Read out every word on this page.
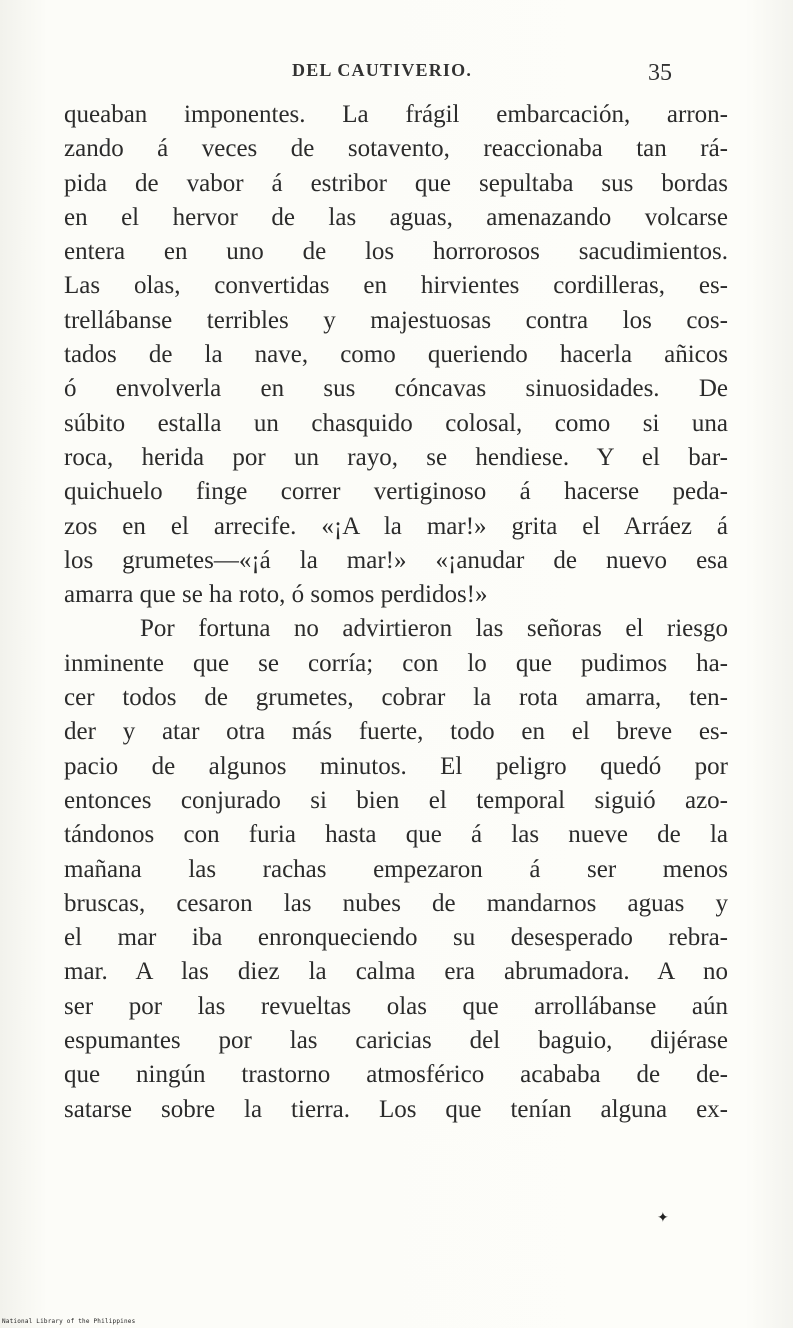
DEL CAUTIVERIO.	35
queaban imponentes. La frágil embarcación, arron-
zando á veces de sotavento, reaccionaba tan rá-
pida de vabor á estribor que sepultaba sus bordas
en el hervor de las aguas, amenazando volcarse
entera en uno de los horrorosos sacudimientos.
Las olas, convertidas en hirvientes cordilleras, es-
trellábanse terribles y majestuosas contra los cos-
tados de la nave, como queriendo hacerla añicos
ó envolverla en sus cóncavas sinuosidades. De
súbito estalla un chasquido colosal, como si una
roca, herida por un rayo, se hendiese. Y el bar-
quichuelo finge correr vertiginoso á hacerse peda-
zos en el arrecife. «¡A la mar!» grita el Arráez á
los grumetes—«¡á la mar!» «¡anudar de nuevo esa
amarra que se ha roto, ó somos perdidos!»
Por fortuna no advirtieron las señoras el riesgo
inminente que se corría; con lo que pudimos ha-
cer todos de grumetes, cobrar la rota amarra, ten-
der y atar otra más fuerte, todo en el breve es-
pacio de algunos minutos. El peligro quedó por
entonces conjurado si bien el temporal siguió azo-
tándonos con furia hasta que á las nueve de la
mañana las rachas empezaron á ser menos
bruscas, cesaron las nubes de mandarnos aguas y
el mar iba enronqueciendo su desesperado rebra-
mar. A las diez la calma era abrumadora. A no
ser por las revueltas olas que arrollábanse aún
espumantes por las caricias del baguio, dijérase
que ningún trastorno atmosférico acababa de de-
satarse sobre la tierra. Los que tenían alguna ex-
✦
National Library of the Philippines
